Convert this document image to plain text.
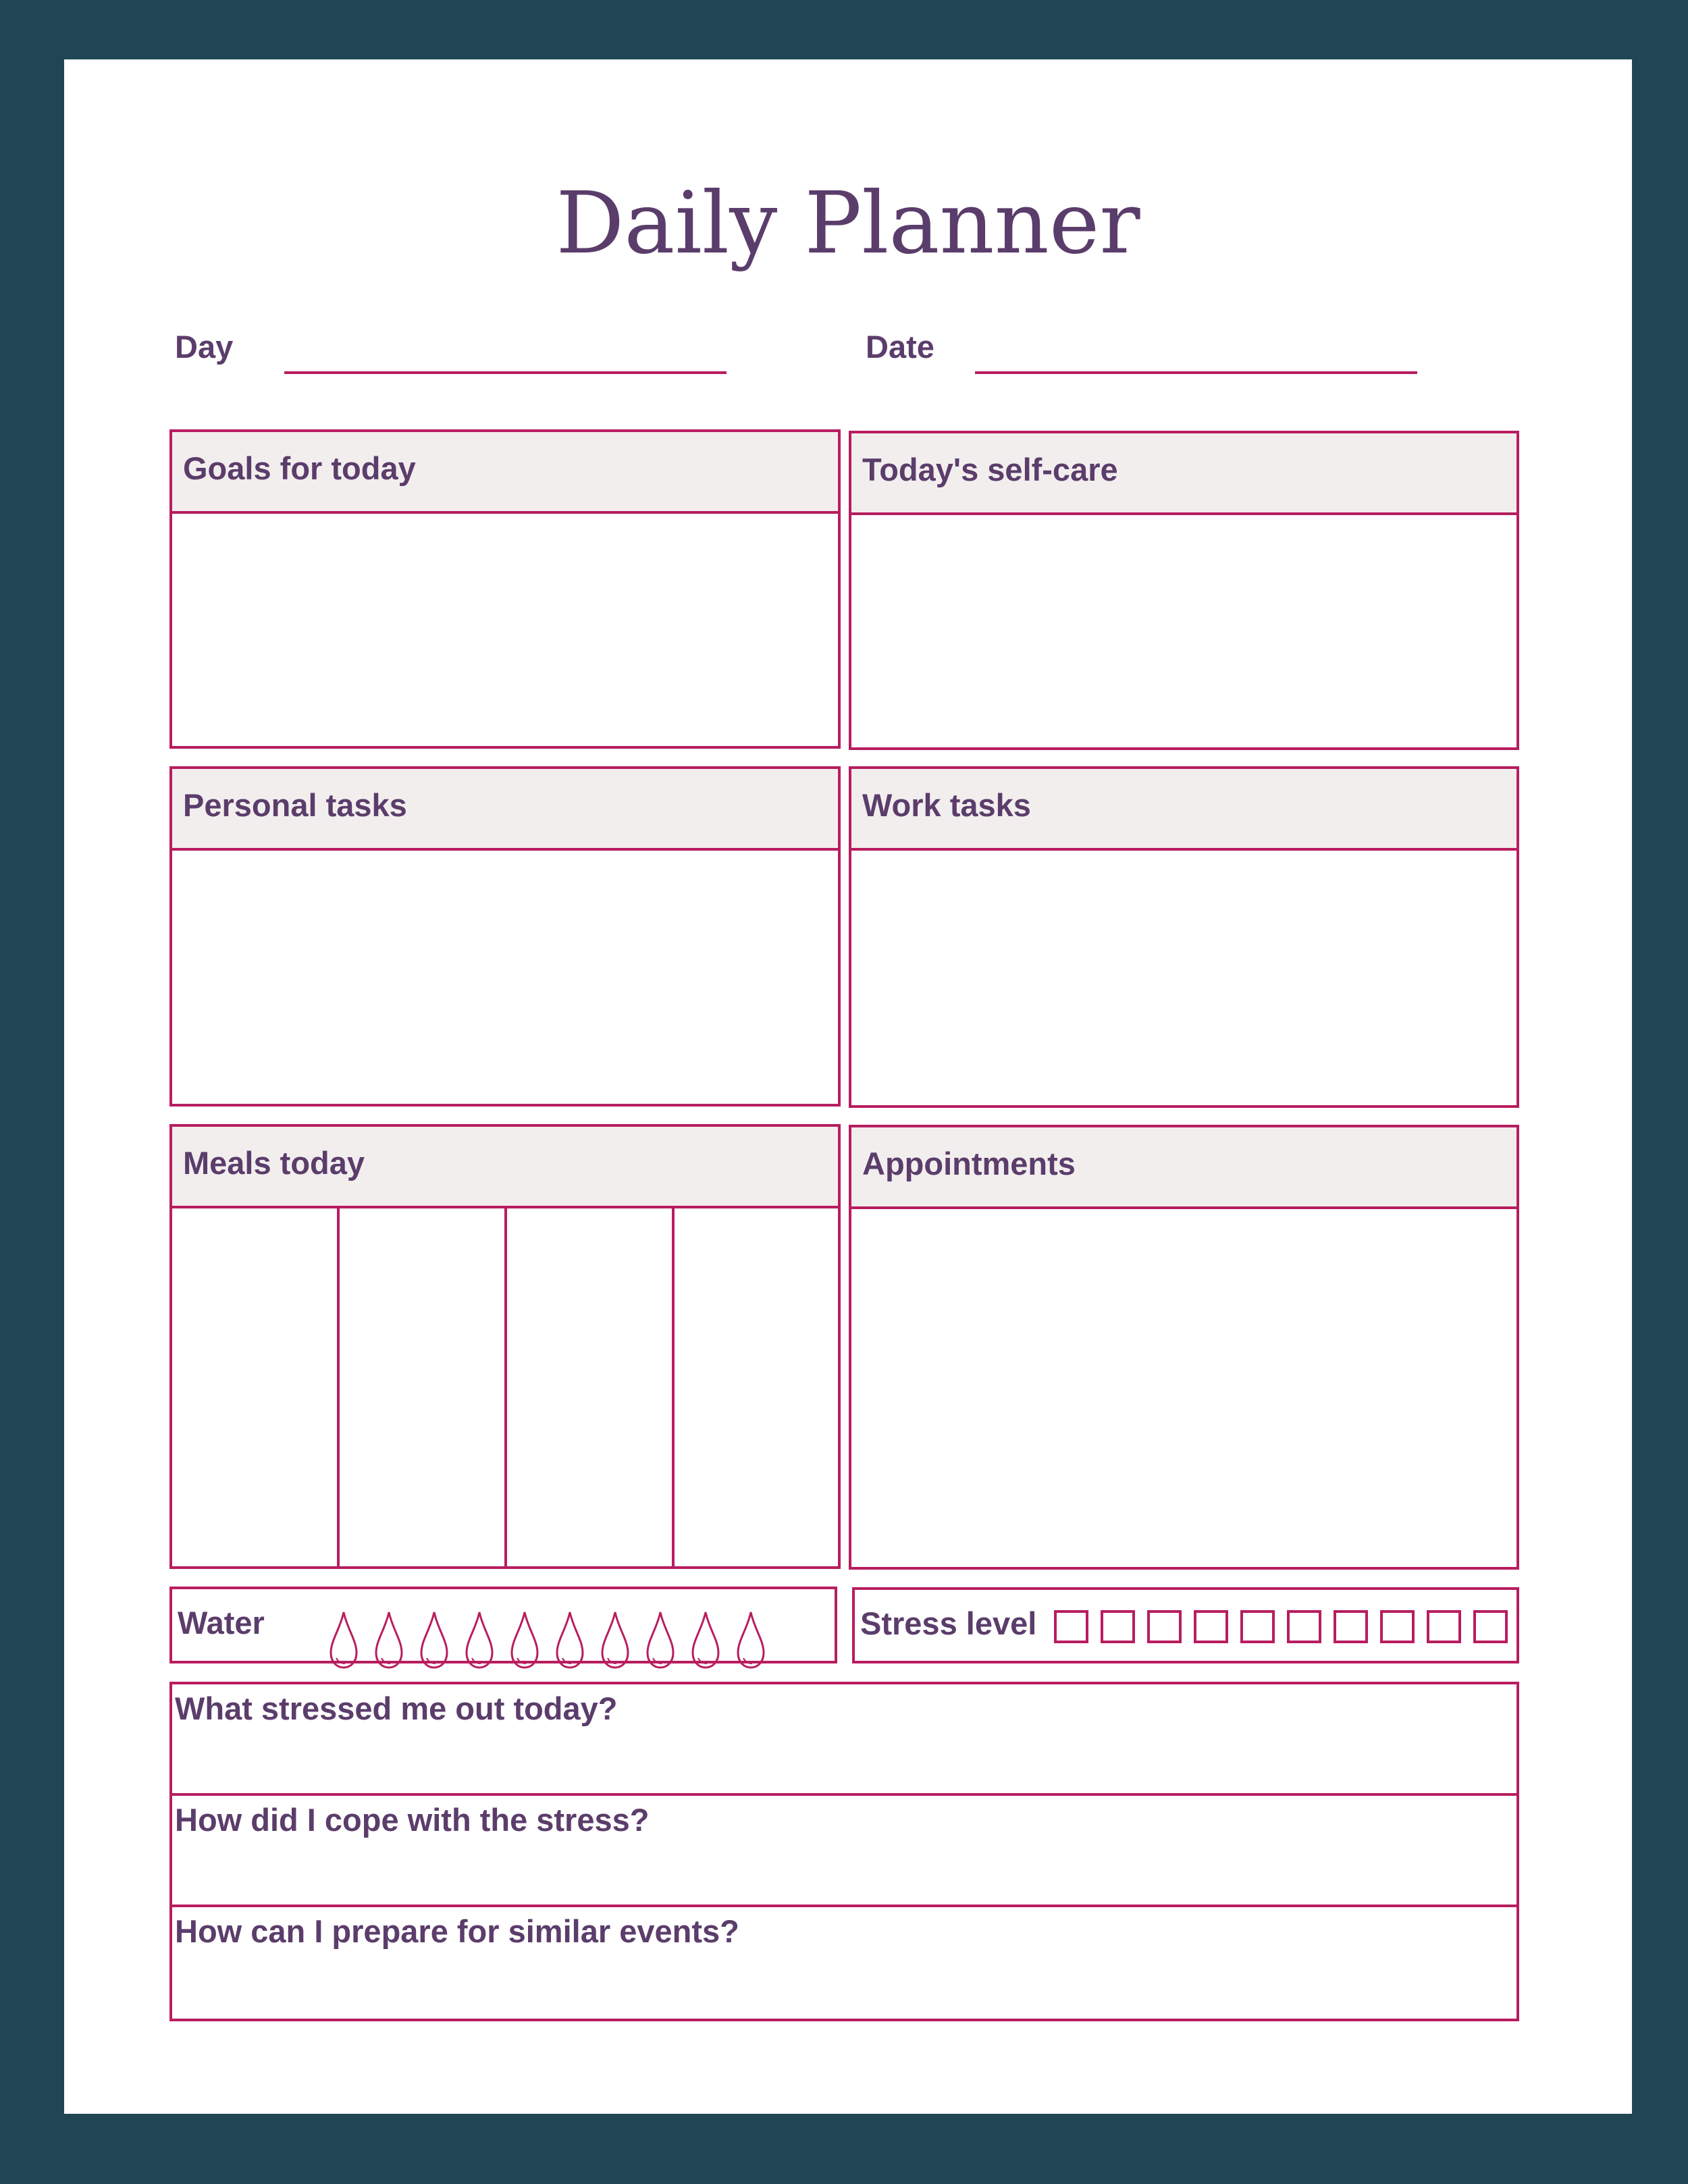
Daily Planner
Day	Date
Goals for today	Today's self-care
Personal tasks	Work tasks
Meals today	Appointments
Water	Stress level
What stressed me out today?
How did I cope with the stress?
How can I prepare for similar events?
